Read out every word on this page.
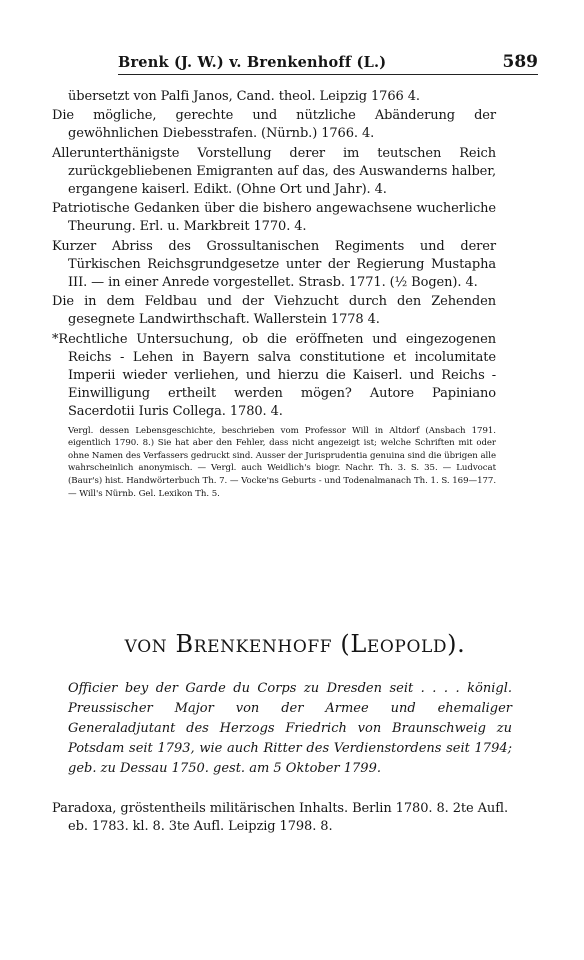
Brenk (J. W.) v. Brenkenhoff (L.)	589

übersetzt von Palfi Janos, Cand. theol. Leipzig 1766 4.

Die mögliche, gerechte und nützliche Abänderung der gewöhnlichen Diebesstrafen. (Nürnb.) 1766. 4.

Allerunterthänigste Vorstellung derer im teutschen Reich zurückgebliebenen Emigranten auf das, des Auswanderns halber, ergangene kaiserl. Edikt. (Ohne Ort und Jahr). 4.

Patriotische Gedanken über die bishero angewachsene wucherliche Theurung. Erl. u. Markbreit 1770. 4.

Kurzer Abriss des Grossultanischen Regiments und derer Türkischen Reichsgrundgesetze unter der Regierung Mustapha III. — in einer Anrede vorgestellet. Strasb. 1771. (½ Bogen). 4.

Die in dem Feldbau und der Viehzucht durch den Zehenden gesegnete Landwirthschaft. Wallerstein 1778 4.

*Rechtliche Untersuchung, ob die eröffneten und eingezogenen Reichs - Lehen in Bayern salva constitutione et incolumitate Imperii wieder verliehen, und hierzu die Kaiserl. und Reichs - Einwilligung ertheilt werden mögen? Autore Papiniano Sacerdotii Iuris Collega. 1780. 4.

Vergl. dessen Lebensgeschichte, beschrieben vom Professor Will in Altdorf (Ansbach 1791. eigentlich 1790. 8.) Sie hat aber den Fehler, dass nicht angezeigt ist; welche Schriften mit oder ohne Namen des Verfassers gedruckt sind. Ausser der Jurisprudentia genuina sind die übrigen alle wahrscheinlich anonymisch. — Vergl. auch Weidlich's biogr. Nachr. Th. 3. S. 35. — Ludvocat (Baur's) hist. Handwörterbuch Th. 7. — Vocke'ns Geburts - und Todenalmanach Th. 1. S. 169—177. — Will's Nürnb. Gel. Lexikon Th. 5.

von Brenkenhoff (Leopold).

Officier bey der Garde du Corps zu Dresden seit . . . . königl. Preussischer Major von der Armee und ehemaliger Generaladjutant des Herzogs Friedrich von Braunschweig zu Potsdam seit 1793, wie auch Ritter des Verdienstordens seit 1794; geb. zu Dessau 1750. gest. am 5 Oktober 1799.

Paradoxa, gröstentheils militärischen Inhalts. Berlin 1780. 8. 2te Aufl. eb. 1783. kl. 8. 3te Aufl. Leipzig 1798. 8.
